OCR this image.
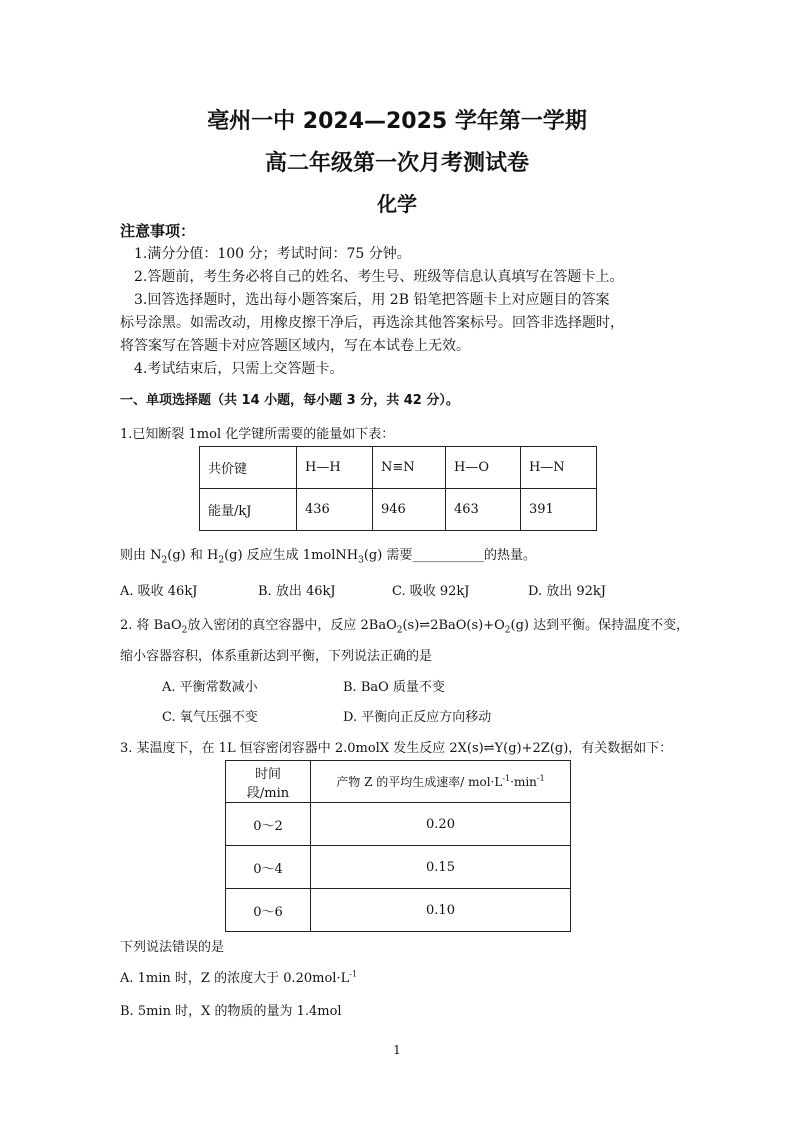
亳州一中 2024—2025 学年第一学期
高二年级第一次月考测试卷
化学
注意事项：
1.满分分值：100 分；考试时间：75 分钟。
2.答题前，考生务必将自己的姓名、考生号、班级等信息认真填写在答题卡上。
3.回答选择题时，选出每小题答案后，用 2B 铅笔把答题卡上对应题目的答案
标号涂黑。如需改动，用橡皮擦干净后，再选涂其他答案标号。回答非选择题时，
将答案写在答题卡对应答题区域内，写在本试卷上无效。
4.考试结束后，只需上交答题卡。
一、单项选择题（共 14 小题，每小题 3 分，共 42 分）。
1.已知断裂 1mol 化学键所需要的能量如下表：
共价键	H—H	N≡N	H—O	H—N
能量/kJ	436	946	463	391
则由 $N_2(g)$ 和 $H_2(g)$ 反应生成 1molNH$_3$(g) 需要___________的热量。
A. 吸收 46kJ	B. 放出 46kJ	C. 吸收 92kJ	D. 放出 92kJ
2. 将 BaO$_2$放入密闭的真空容器中，反应 $2BaO_2(s)\rightleftharpoons 2BaO(s)+O_2(g)$ 达到平衡。保持温度不变，
缩小容器容积，体系重新达到平衡，下列说法正确的是
A. 平衡常数减小	B. BaO 质量不变
C. 氧气压强不变	D. 平衡向正反应方向移动
3. 某温度下，在 1L 恒容密闭容器中 2.0molX 发生反应 2X(s)⇌Y(g)+2Z(g)，有关数据如下：
时间段/min	产物 Z 的平均生成速率/ $mol\cdot L^{-1}\cdot\min^{-1}$
0～2	0.20
0～4	0.15
0～6	0.10
下列说法错误的是
A. 1min 时，Z 的浓度大于 $0.20mol\cdot L^{-1}$
B. 5min 时，X 的物质的量为 1.4mol
1
